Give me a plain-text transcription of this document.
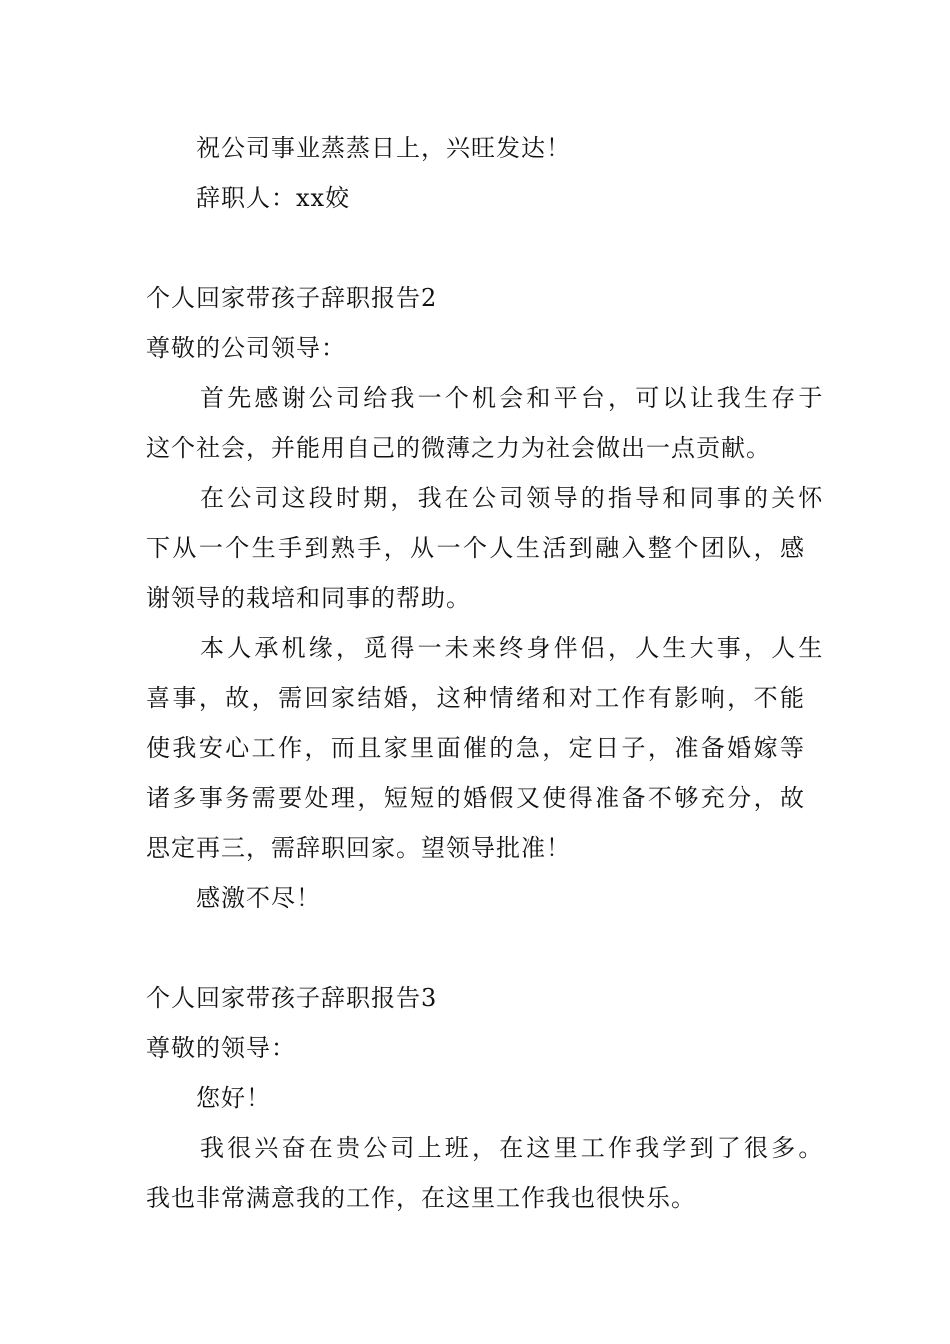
祝公司事业蒸蒸日上，兴旺发达！
辞职人：xx姣
个人回家带孩子辞职报告2
尊敬的公司领导：
首先感谢公司给我一个机会和平台，可以让我生存于
这个社会，并能用自己的微薄之力为社会做出一点贡献。
在公司这段时期，我在公司领导的指导和同事的关怀
下从一个生手到熟手，从一个人生活到融入整个团队，感
谢领导的栽培和同事的帮助。
本人承机缘，觅得一未来终身伴侣，人生大事，人生
喜事，故，需回家结婚，这种情绪和对工作有影响，不能
使我安心工作，而且家里面催的急，定日子，准备婚嫁等
诸多事务需要处理，短短的婚假又使得准备不够充分，故
思定再三，需辞职回家。望领导批准！
感激不尽！
个人回家带孩子辞职报告3
尊敬的领导：
您好！
我很兴奋在贵公司上班，在这里工作我学到了很多。
我也非常满意我的工作，在这里工作我也很快乐。
